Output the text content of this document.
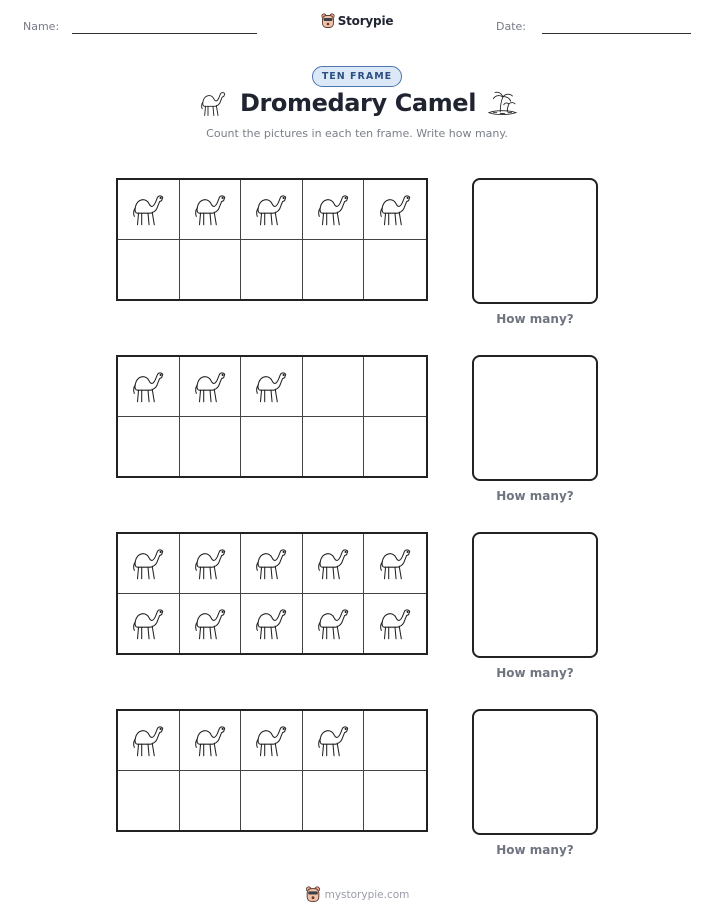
Name:	Storypie	Date:
TEN FRAME
Dromedary Camel
Count the pictures in each ten frame. Write how many.
How many?
How many?
How many?
How many?
mystorypie.com
